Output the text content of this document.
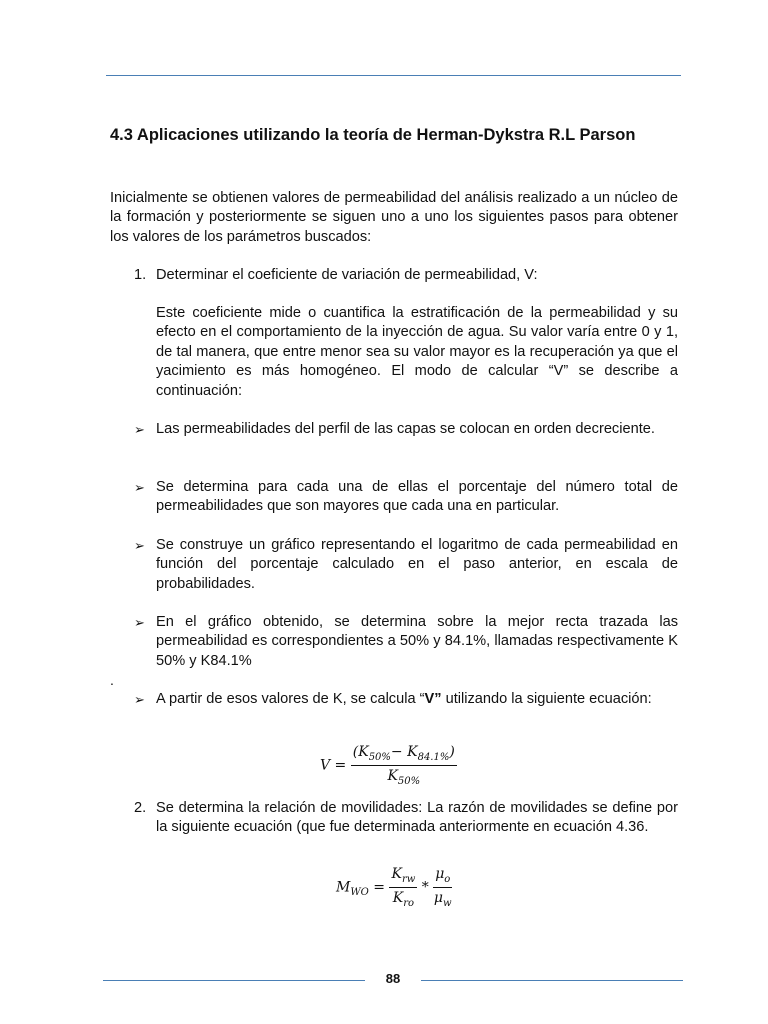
4.3 Aplicaciones utilizando la teoría de Herman-Dykstra R.L Parson

Inicialmente se obtienen valores de permeabilidad del análisis realizado a un núcleo de la formación y posteriormente se siguen uno a uno los siguientes pasos para obtener los valores de los parámetros buscados:

1. Determinar el coeficiente de variación de permeabilidad, V:

Este coeficiente mide o cuantifica la estratificación de la permeabilidad y su efecto en el comportamiento de la inyección de agua. Su valor varía entre 0 y 1, de tal manera, que entre menor sea su valor mayor es la recuperación ya que el yacimiento es más homogéneo. El modo de calcular “V” se describe a continuación:

➢ Las permeabilidades del perfil de las capas se colocan en orden decreciente.

➢ Se determina para cada una de ellas el porcentaje del número total de permeabilidades que son mayores que cada una en particular.

➢ Se construye un gráfico representando el logaritmo de cada permeabilidad en función del porcentaje calculado en el paso anterior, en escala de probabilidades.

➢ En el gráfico obtenido, se determina sobre la mejor recta trazada las permeabilidad es correspondientes a 50% y 84.1%, llamadas respectivamente K 50% y K84.1%

.
➢ A partir de esos valores de K, se calcula “V” utilizando la siguiente ecuación:

$V = \frac{(K_{50\%}- K_{84.1\%})}{K_{50\%}}$
2. Se determina la relación de movilidades: La razón de movilidades se define por la siguiente ecuación (que fue determinada anteriormente en ecuación 4.36.

$M_{WO} = \frac{K_{rw}}{K_{ro}} * \frac{\mu_o}{\mu_w}$
88
